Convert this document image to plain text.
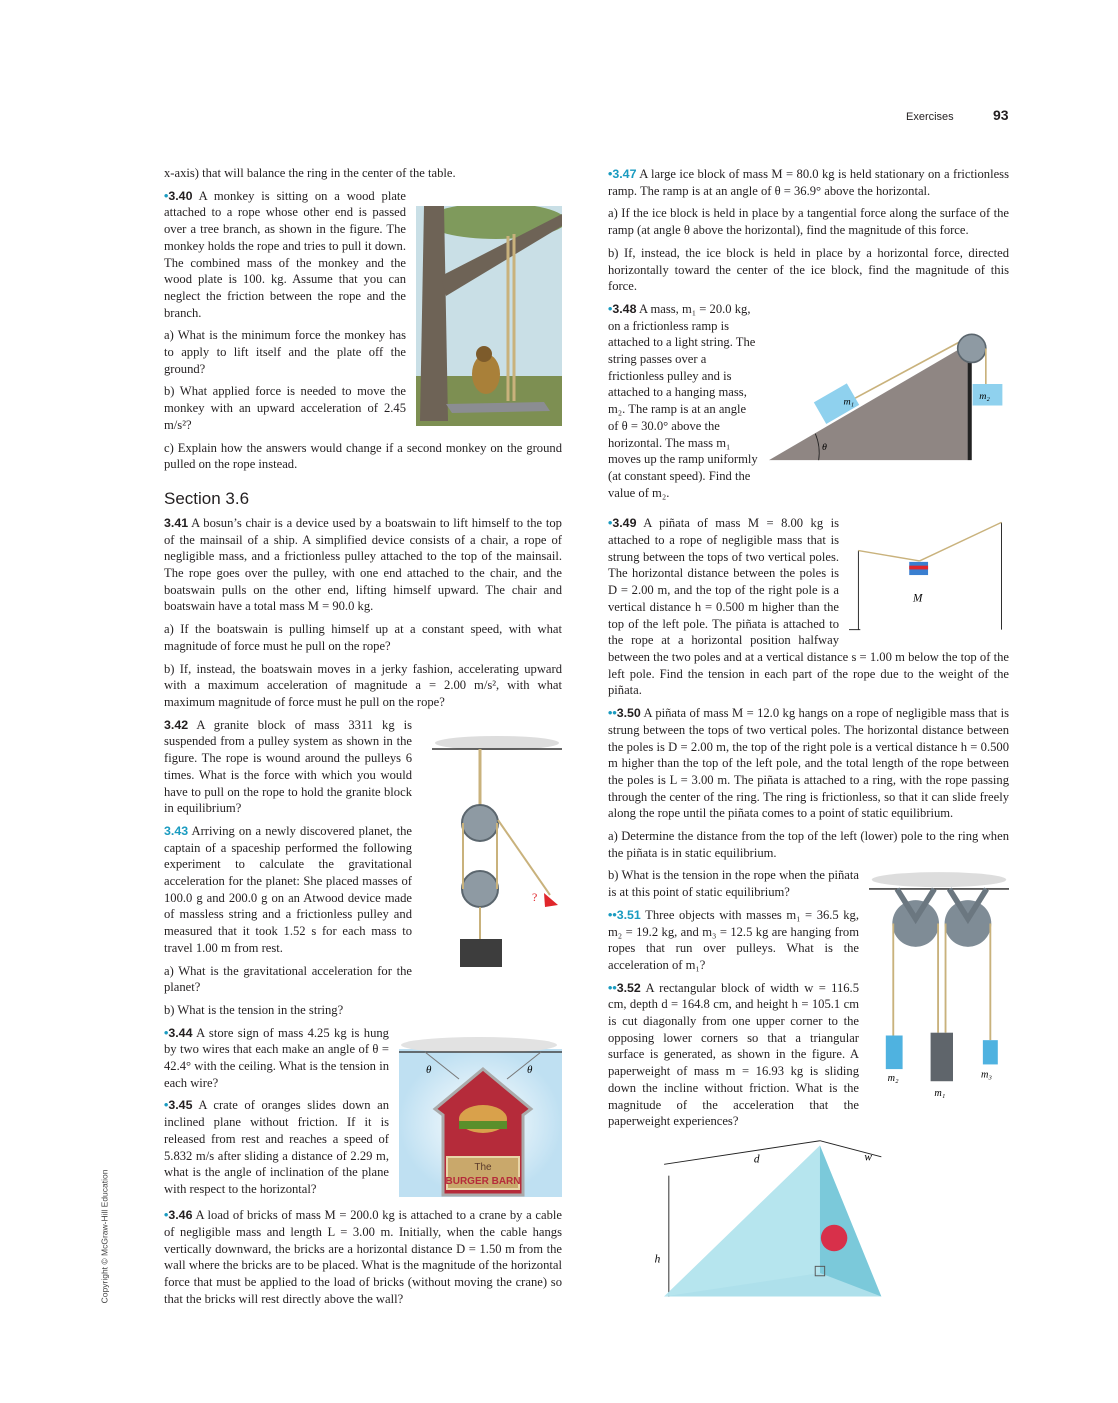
Exercises	93
Copyright © McGraw-Hill Education

x-axis) that will balance the ring in the center of the table.

•3.40 A monkey is sitting on a wood plate attached to a rope whose other end is passed over a tree branch, as shown in the figure. The monkey holds the rope and tries to pull it down. The combined mass of the monkey and the wood plate is 100. kg. Assume that you can neglect the friction between the rope and the branch.

a) What is the minimum force the monkey has to apply to lift itself and the plate off the ground?

b) What applied force is needed to move the monkey with an upward acceleration of 2.45 m/s²?

c) Explain how the answers would change if a second monkey on the ground pulled on the rope instead.

Section 3.6

3.41 A bosun’s chair is a device used by a boatswain to lift himself to the top of the mainsail of a ship. A simplified device consists of a chair, a rope of negligible mass, and a frictionless pulley attached to the top of the mainsail. The rope goes over the pulley, with one end attached to the chair, and the boatswain pulls on the other end, lifting himself upward. The chair and boatswain have a total mass M = 90.0 kg.

a) If the boatswain is pulling himself up at a constant speed, with what magnitude of force must he pull on the rope?

b) If, instead, the boatswain moves in a jerky fashion, accelerating upward with a maximum acceleration of magnitude a = 2.00 m/s², with what maximum magnitude of force must he pull on the rope?

?

3.42 A granite block of mass 3311 kg is suspended from a pulley system as shown in the figure. The rope is wound around the pulleys 6 times. What is the force with which you would have to pull on the rope to hold the granite block in equilibrium?

3.43 Arriving on a newly discovered planet, the captain of a spaceship performed the following experiment to calculate the gravitational acceleration for the planet: She placed masses of 100.0 g and 200.0 g on an Atwood device made of massless string and a frictionless pulley and measured that it took 1.52 s for each mass to travel 1.00 m from rest.

a) What is the gravitational acceleration for the planet?

b) What is the tension in the string?

θ	θ
The
BURGER BARN

•3.44 A store sign of mass 4.25 kg is hung by two wires that each make an angle of θ = 42.4° with the ceiling. What is the tension in each wire?

•3.45 A crate of oranges slides down an inclined plane without friction. If it is released from rest and reaches a speed of 5.832 m/s after sliding a distance of 2.29 m, what is the angle of inclination of the plane with respect to the horizontal?

•3.46 A load of bricks of mass M = 200.0 kg is attached to a crane by a cable of negligible mass and length L = 3.00 m. Initially, when the cable hangs vertically downward, the bricks are a horizontal distance D = 1.50 m from the wall where the bricks are to be placed. What is the magnitude of the horizontal force that must be applied to the load of bricks (without moving the crane) so that the bricks will rest directly above the wall?

•3.47 A large ice block of mass M = 80.0 kg is held stationary on a frictionless ramp. The ramp is at an angle of θ = 36.9° above the horizontal.

a) If the ice block is held in place by a tangential force along the surface of the ramp (at angle θ above the horizontal), find the magnitude of this force.

b) If, instead, the ice block is held in place by a horizontal force, directed horizontally toward the center of the ice block, find the magnitude of this force.

m₂
m₁
θ

•3.48 A mass, m₁ = 20.0 kg, on a frictionless ramp is attached to a light string. The string passes over a frictionless pulley and is attached to a hanging mass, m₂. The ramp is at an angle of θ = 30.0° above the horizontal. The mass m₁ moves up the ramp uniformly (at constant speed). Find the value of m₂.

M

•3.49 A piñata of mass M = 8.00 kg is attached to a rope of negligible mass that is strung between the tops of two vertical poles. The horizontal distance between the poles is D = 2.00 m, and the top of the right pole is a vertical distance h = 0.500 m higher than the top of the left pole. The piñata is attached to the rope at a horizontal position halfway between the two poles and at a vertical distance s = 1.00 m below the top of the left pole. Find the tension in each part of the rope due to the weight of the piñata.

••3.50 A piñata of mass M = 12.0 kg hangs on a rope of negligible mass that is strung between the tops of two vertical poles. The horizontal distance between the poles is D = 2.00 m, the top of the right pole is a vertical distance h = 0.500 m higher than the top of the left pole, and the total length of the rope between the poles is L = 3.00 m. The piñata is attached to a ring, with the rope passing through the center of the ring. The ring is frictionless, so that it can slide freely along the rope until the piñata comes to a point of static equilibrium.

a) Determine the distance from the top of the left (lower) pole to the ring when the piñata is in static equilibrium.

m₂
m₁
m₃

b) What is the tension in the rope when the piñata is at this point of static equilibrium?

••3.51 Three objects with masses m₁ = 36.5 kg, m₂ = 19.2 kg, and m₃ = 12.5 kg are hanging from ropes that run over pulleys. What is the acceleration of m₁?

••3.52 A rectangular block of width w = 116.5 cm, depth d = 164.8 cm, and height h = 105.1 cm is cut diagonally from one upper corner to the opposing lower corners so that a triangular surface is generated, as shown in the figure. A paperweight of mass m = 16.93 kg is sliding down the incline without friction. What is the magnitude of the acceleration that the paperweight experiences?

d	w
h
